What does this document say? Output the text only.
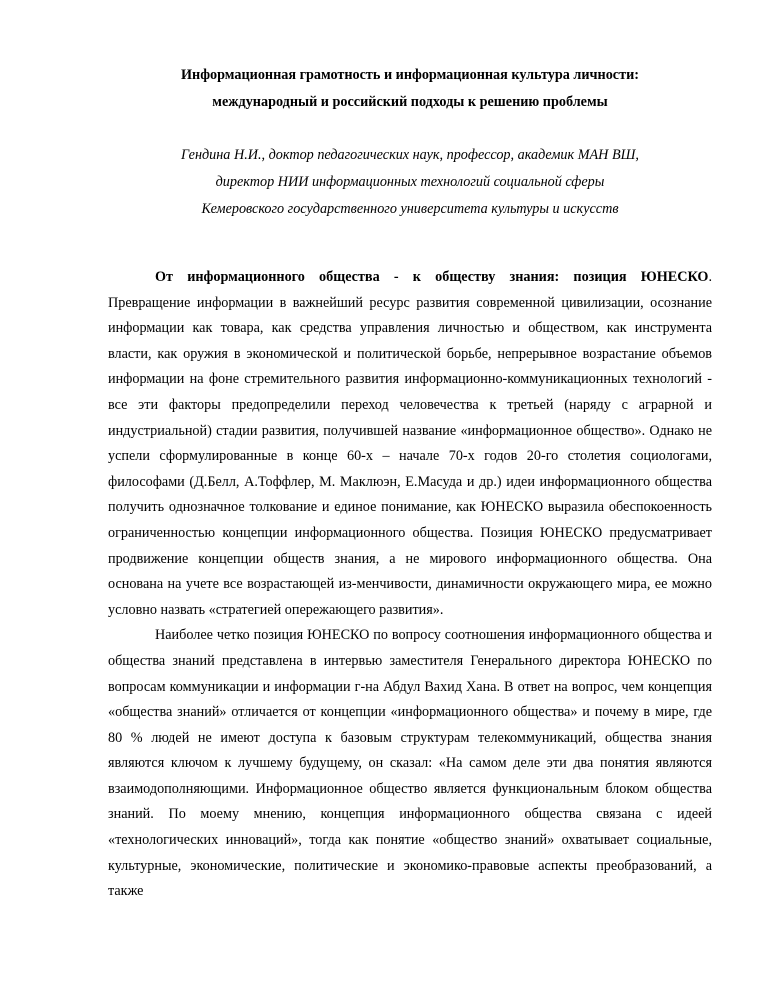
Информационная грамотность и информационная культура личности:
международный и российский подходы к решению проблемы

Гендина Н.И., доктор педагогических наук, профессор, академик МАН ВШ,
директор НИИ информационных технологий социальной сферы
Кемеровского государственного университета культуры и искусств

От информационного общества - к обществу знания: позиция ЮНЕСКО. Превращение информации в важнейший ресурс развития современной цивилизации, осознание информации как товара, как средства управления личностью и обществом, как инструмента власти, как оружия в экономической и политической борьбе, непрерывное возрастание объемов информации на фоне стремительного развития информационно-коммуникационных технологий - все эти факторы предопределили переход человечества к третьей (наряду с аграрной и индустриальной) стадии развития, получившей название «информационное общество». Однако не успели сформулированные в конце 60-х – начале 70-х годов 20-го столетия социологами, философами (Д.Белл, А.Тоффлер, М. Маклюэн, Е.Масуда и др.) идеи информационного общества получить однозначное толкование и единое понимание, как ЮНЕСКО выразила обеспокоенность ограниченностью концепции информационного общества. Позиция ЮНЕСКО предусматривает продвижение концепции обществ знания, а не мирового информационного общества. Она основана на учете все возрастающей из-менчивости, динамичности окружающего мира, ее можно условно назвать «стратегией опережающего развития».

Наиболее четко позиция ЮНЕСКО по вопросу соотношения информационного общества и общества знаний представлена в интервью заместителя Генерального директора ЮНЕСКО по вопросам коммуникации и информации г-на Абдул Вахид Хана. В ответ на вопрос, чем концепция «общества знаний» отличается от концепции «информационного общества» и почему в мире, где 80 % людей не имеют доступа к базовым структурам телекоммуникаций, общества знания являются ключом к лучшему будущему, он сказал: «На самом деле эти два понятия являются взаимодополняющими. Информационное общество является функциональным блоком общества знаний. По моему мнению, концепция информационного общества связана с идеей «технологических инноваций», тогда как понятие «общество знаний» охватывает социальные, культурные, экономические, политические и экономико-правовые аспекты преобразований, а также
